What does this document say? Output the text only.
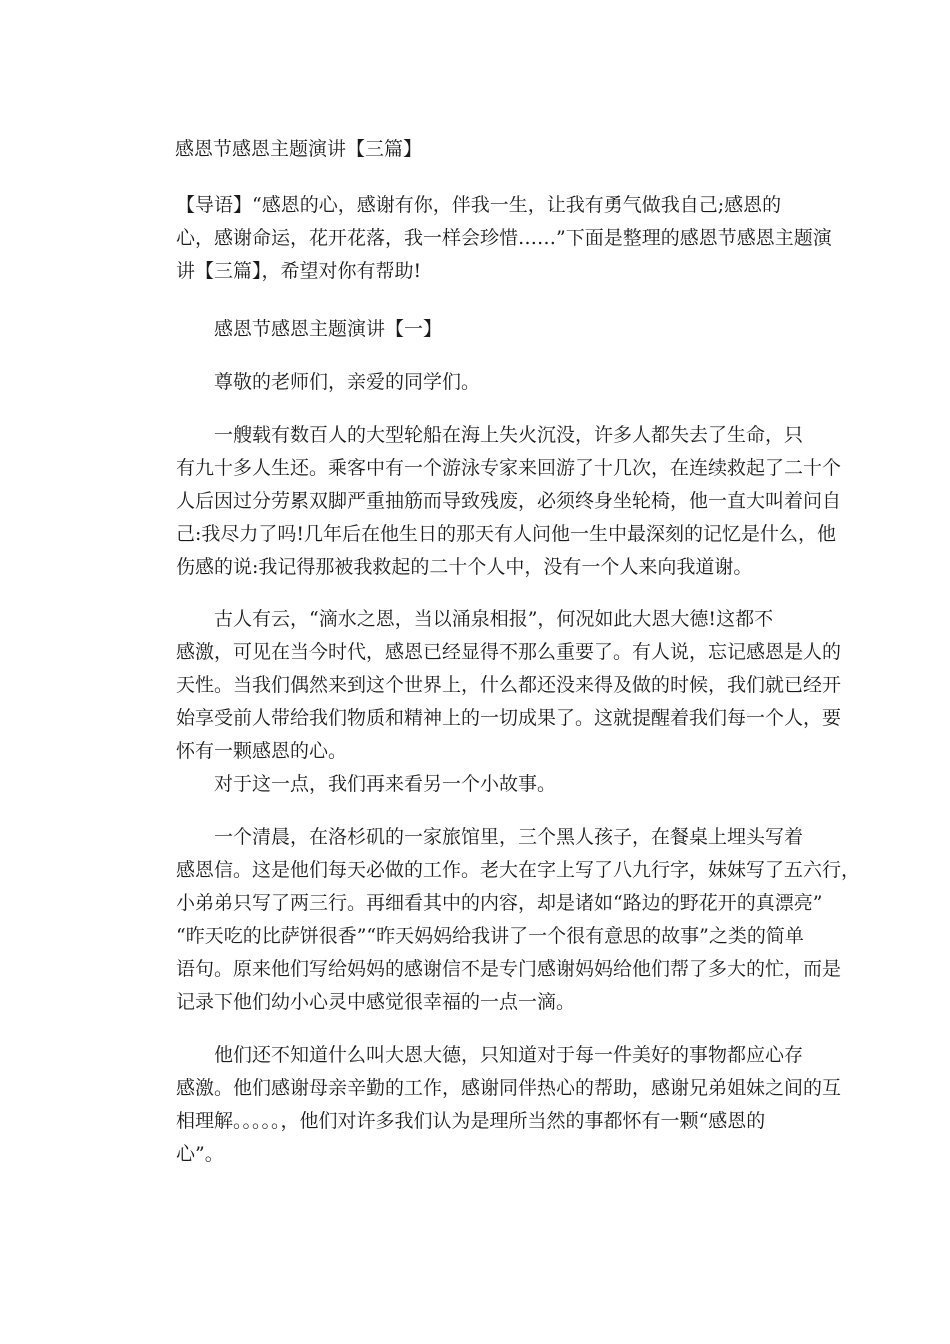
感恩节感恩主题演讲【三篇】
【导语】“感恩的心，感谢有你，伴我一生，让我有勇气做我自己;感恩的
心，感谢命运，花开花落，我一样会珍惜……”下面是整理的感恩节感恩主题演
讲【三篇】，希望对你有帮助!
感恩节感恩主题演讲【一】
尊敬的老师们，亲爱的同学们。
一艘载有数百人的大型轮船在海上失火沉没，许多人都失去了生命，只
有九十多人生还。乘客中有一个游泳专家来回游了十几次，在连续救起了二十个
人后因过分劳累双脚严重抽筋而导致残废，必须终身坐轮椅，他一直大叫着问自
己:我尽力了吗!几年后在他生日的那天有人问他一生中最深刻的记忆是什么，他
伤感的说:我记得那被我救起的二十个人中，没有一个人来向我道谢。
古人有云，“滴水之恩，当以涌泉相报”，何况如此大恩大德!这都不
感激，可见在当今时代，感恩已经显得不那么重要了。有人说，忘记感恩是人的
天性。当我们偶然来到这个世界上，什么都还没来得及做的时候，我们就已经开
始享受前人带给我们物质和精神上的一切成果了。这就提醒着我们每一个人，要
怀有一颗感恩的心。
对于这一点，我们再来看另一个小故事。
一个清晨，在洛杉矶的一家旅馆里，三个黑人孩子，在餐桌上埋头写着
感恩信。这是他们每天必做的工作。老大在字上写了八九行字，妹妹写了五六行，
小弟弟只写了两三行。再细看其中的内容，却是诸如“路边的野花开的真漂亮”
“昨天吃的比萨饼很香”“昨天妈妈给我讲了一个很有意思的故事”之类的简单
语句。原来他们写给妈妈的感谢信不是专门感谢妈妈给他们帮了多大的忙，而是
记录下他们幼小心灵中感觉很幸福的一点一滴。
他们还不知道什么叫大恩大德，只知道对于每一件美好的事物都应心存
感激。他们感谢母亲辛勤的工作，感谢同伴热心的帮助，感谢兄弟姐妹之间的互
相理解。。。。。，他们对许多我们认为是理所当然的事都怀有一颗“感恩的
心”。
